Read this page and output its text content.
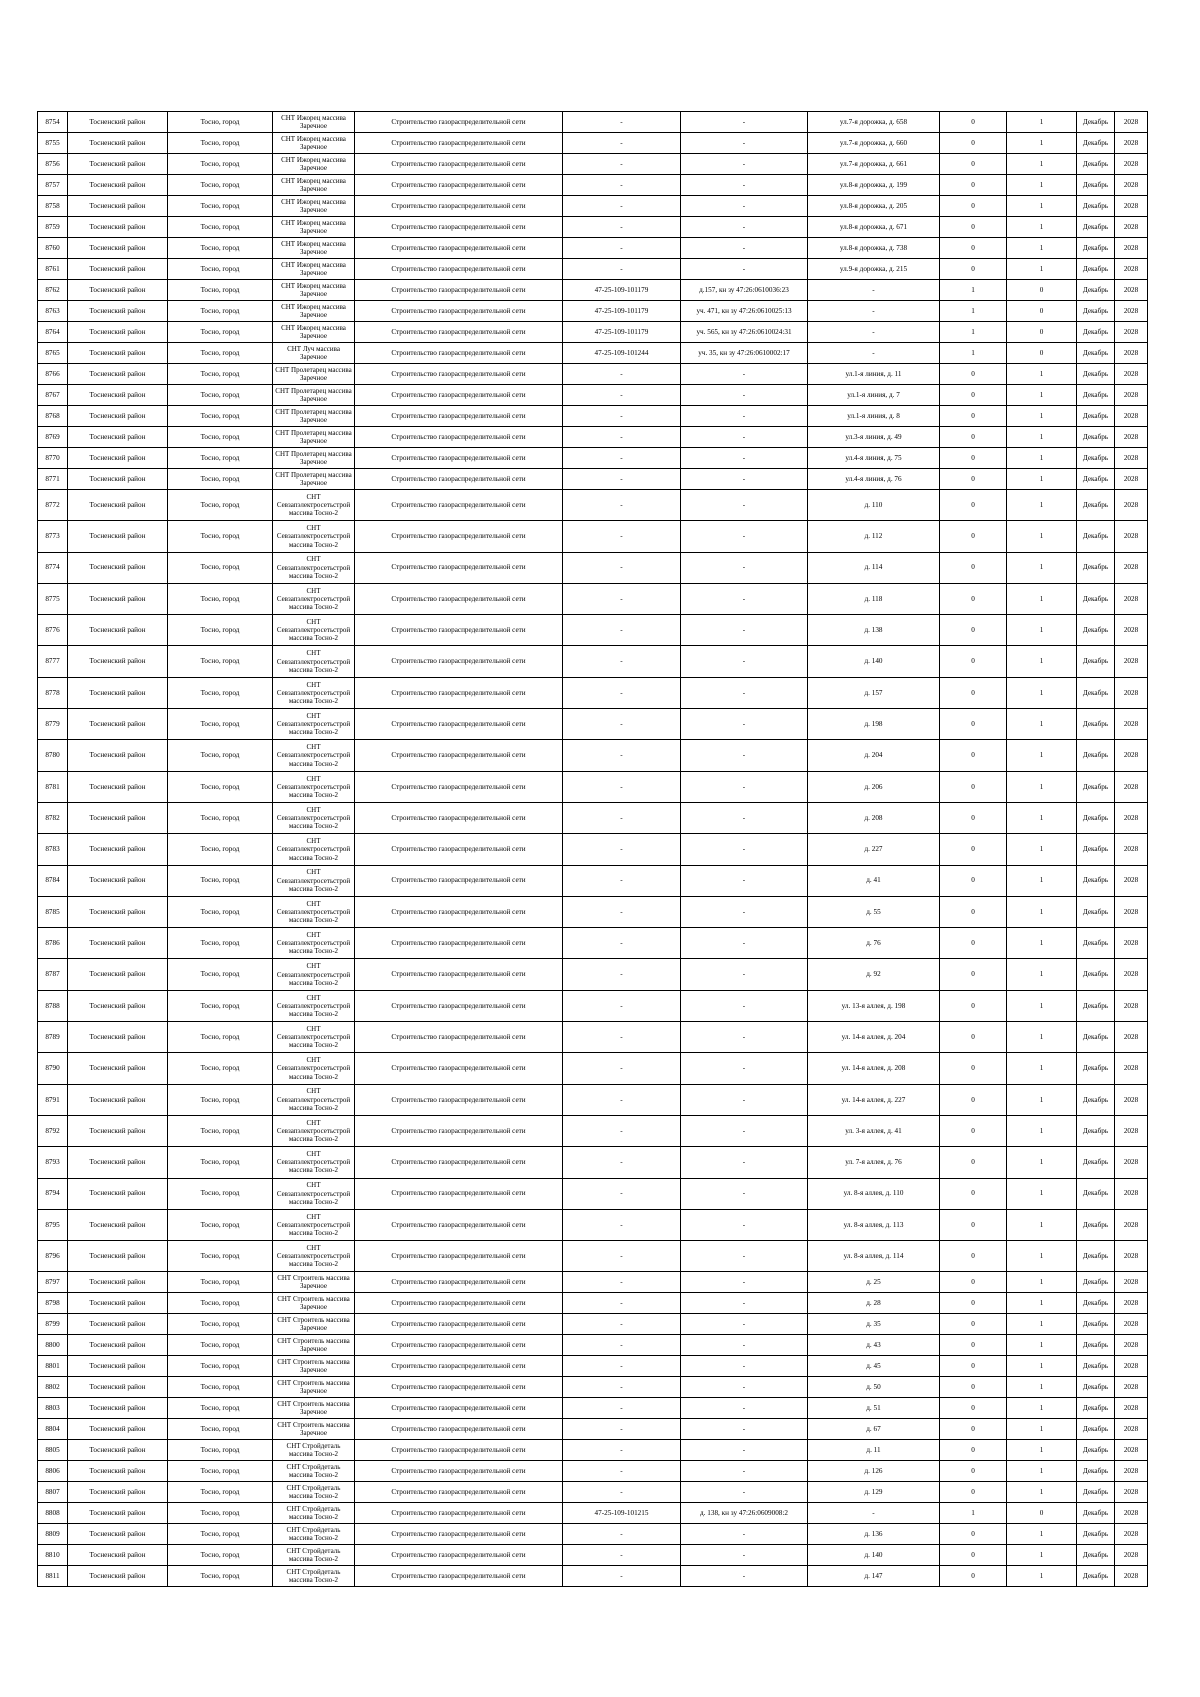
8754	Тосненский район	Тосно, город	СНТ Ижорец массива Заречное	Строительство газораспределительной сети	-	-	ул.7-я дорожка, д. 658	0	1	Декабрь	2028
8755	Тосненский район	Тосно, город	СНТ Ижорец массива Заречное	Строительство газораспределительной сети	-	-	ул.7-я дорожка, д. 660	0	1	Декабрь	2028
8756	Тосненский район	Тосно, город	СНТ Ижорец массива Заречное	Строительство газораспределительной сети	-	-	ул.7-я дорожка, д. 661	0	1	Декабрь	2028
8757	Тосненский район	Тосно, город	СНТ Ижорец массива Заречное	Строительство газораспределительной сети	-	-	ул.8-я дорожка, д. 199	0	1	Декабрь	2028
8758	Тосненский район	Тосно, город	СНТ Ижорец массива Заречное	Строительство газораспределительной сети	-	-	ул.8-я дорожка, д. 205	0	1	Декабрь	2028
8759	Тосненский район	Тосно, город	СНТ Ижорец массива Заречное	Строительство газораспределительной сети	-	-	ул.8-я дорожка, д. 671	0	1	Декабрь	2028
8760	Тосненский район	Тосно, город	СНТ Ижорец массива Заречное	Строительство газораспределительной сети	-	-	ул.8-я дорожка, д. 738	0	1	Декабрь	2028
8761	Тосненский район	Тосно, город	СНТ Ижорец массива Заречное	Строительство газораспределительной сети	-	-	ул.9-я дорожка, д. 215	0	1	Декабрь	2028
8762	Тосненский район	Тосно, город	СНТ Ижорец массива Заречное	Строительство газораспределительной сети	47-25-109-101179	д.157, кн зу 47:26:0610036:23	-	1	0	Декабрь	2028
8763	Тосненский район	Тосно, город	СНТ Ижорец массива Заречное	Строительство газораспределительной сети	47-25-109-101179	уч. 471, кн зу 47:26:0610025:13	-	1	0	Декабрь	2028
8764	Тосненский район	Тосно, город	СНТ Ижорец массива Заречное	Строительство газораспределительной сети	47-25-109-101179	уч. 565, кн зу 47:26:0610024:31	-	1	0	Декабрь	2028
8765	Тосненский район	Тосно, город	СНТ Луч массива Заречное	Строительство газораспределительной сети	47-25-109-101244	уч. 35, кн зу 47:26:0610002:17	-	1	0	Декабрь	2028
8766	Тосненский район	Тосно, город	СНТ Пролетарец массива Заречное	Строительство газораспределительной сети	-	-	ул.1-я линия, д. 11	0	1	Декабрь	2028
8767	Тосненский район	Тосно, город	СНТ Пролетарец массива Заречное	Строительство газораспределительной сети	-	-	ул.1-я линия, д. 7	0	1	Декабрь	2028
8768	Тосненский район	Тосно, город	СНТ Пролетарец массива Заречное	Строительство газораспределительной сети	-	-	ул.1-я линия, д. 8	0	1	Декабрь	2028
8769	Тосненский район	Тосно, город	СНТ Пролетарец массива Заречное	Строительство газораспределительной сети	-	-	ул.3-я линия, д. 49	0	1	Декабрь	2028
8770	Тосненский район	Тосно, город	СНТ Пролетарец массива Заречное	Строительство газораспределительной сети	-	-	ул.4-я линия, д. 75	0	1	Декабрь	2028
8771	Тосненский район	Тосно, город	СНТ Пролетарец массива Заречное	Строительство газораспределительной сети	-	-	ул.4-я линия, д. 76	0	1	Декабрь	2028
8772	Тосненский район	Тосно, город	СНТ Севзапэлектросетьстрой массива Тосно-2	Строительство газораспределительной сети	-	-	д. 110	0	1	Декабрь	2028
8773	Тосненский район	Тосно, город	СНТ Севзапэлектросетьстрой массива Тосно-2	Строительство газораспределительной сети	-	-	д. 112	0	1	Декабрь	2028
8774	Тосненский район	Тосно, город	СНТ Севзапэлектросетьстрой массива Тосно-2	Строительство газораспределительной сети	-	-	д. 114	0	1	Декабрь	2028
8775	Тосненский район	Тосно, город	СНТ Севзапэлектросетьстрой массива Тосно-2	Строительство газораспределительной сети	-	-	д. 118	0	1	Декабрь	2028
8776	Тосненский район	Тосно, город	СНТ Севзапэлектросетьстрой массива Тосно-2	Строительство газораспределительной сети	-	-	д. 138	0	1	Декабрь	2028
8777	Тосненский район	Тосно, город	СНТ Севзапэлектросетьстрой массива Тосно-2	Строительство газораспределительной сети	-	-	д. 140	0	1	Декабрь	2028
8778	Тосненский район	Тосно, город	СНТ Севзапэлектросетьстрой массива Тосно-2	Строительство газораспределительной сети	-	-	д. 157	0	1	Декабрь	2028
8779	Тосненский район	Тосно, город	СНТ Севзапэлектросетьстрой массива Тосно-2	Строительство газораспределительной сети	-	-	д. 198	0	1	Декабрь	2028
8780	Тосненский район	Тосно, город	СНТ Севзапэлектросетьстрой массива Тосно-2	Строительство газораспределительной сети	-	-	д. 204	0	1	Декабрь	2028
8781	Тосненский район	Тосно, город	СНТ Севзапэлектросетьстрой массива Тосно-2	Строительство газораспределительной сети	-	-	д. 206	0	1	Декабрь	2028
8782	Тосненский район	Тосно, город	СНТ Севзапэлектросетьстрой массива Тосно-2	Строительство газораспределительной сети	-	-	д. 208	0	1	Декабрь	2028
8783	Тосненский район	Тосно, город	СНТ Севзапэлектросетьстрой массива Тосно-2	Строительство газораспределительной сети	-	-	д. 227	0	1	Декабрь	2028
8784	Тосненский район	Тосно, город	СНТ Севзапэлектросетьстрой массива Тосно-2	Строительство газораспределительной сети	-	-	д. 41	0	1	Декабрь	2028
8785	Тосненский район	Тосно, город	СНТ Севзапэлектросетьстрой массива Тосно-2	Строительство газораспределительной сети	-	-	д. 55	0	1	Декабрь	2028
8786	Тосненский район	Тосно, город	СНТ Севзапэлектросетьстрой массива Тосно-2	Строительство газораспределительной сети	-	-	д. 76	0	1	Декабрь	2028
8787	Тосненский район	Тосно, город	СНТ Севзапэлектросетьстрой массива Тосно-2	Строительство газораспределительной сети	-	-	д. 92	0	1	Декабрь	2028
8788	Тосненский район	Тосно, город	СНТ Севзапэлектросетьстрой массива Тосно-2	Строительство газораспределительной сети	-	-	ул. 13-я аллея, д. 198	0	1	Декабрь	2028
8789	Тосненский район	Тосно, город	СНТ Севзапэлектросетьстрой массива Тосно-2	Строительство газораспределительной сети	-	-	ул. 14-я аллея, д. 204	0	1	Декабрь	2028
8790	Тосненский район	Тосно, город	СНТ Севзапэлектросетьстрой массива Тосно-2	Строительство газораспределительной сети	-	-	ул. 14-я аллея, д. 208	0	1	Декабрь	2028
8791	Тосненский район	Тосно, город	СНТ Севзапэлектросетьстрой массива Тосно-2	Строительство газораспределительной сети	-	-	ул. 14-я аллея, д. 227	0	1	Декабрь	2028
8792	Тосненский район	Тосно, город	СНТ Севзапэлектросетьстрой массива Тосно-2	Строительство газораспределительной сети	-	-	ул. 3-я аллея, д. 41	0	1	Декабрь	2028
8793	Тосненский район	Тосно, город	СНТ Севзапэлектросетьстрой массива Тосно-2	Строительство газораспределительной сети	-	-	ул. 7-я аллея, д. 76	0	1	Декабрь	2028
8794	Тосненский район	Тосно, город	СНТ Севзапэлектросетьстрой массива Тосно-2	Строительство газораспределительной сети	-	-	ул. 8-я аллея, д. 110	0	1	Декабрь	2028
8795	Тосненский район	Тосно, город	СНТ Севзапэлектросетьстрой массива Тосно-2	Строительство газораспределительной сети	-	-	ул. 8-я аллея, д. 113	0	1	Декабрь	2028
8796	Тосненский район	Тосно, город	СНТ Севзапэлектросетьстрой массива Тосно-2	Строительство газораспределительной сети	-	-	ул. 8-я аллея, д. 114	0	1	Декабрь	2028
8797	Тосненский район	Тосно, город	СНТ Строитель массива Заречное	Строительство газораспределительной сети	-	-	д. 25	0	1	Декабрь	2028
8798	Тосненский район	Тосно, город	СНТ Строитель массива Заречное	Строительство газораспределительной сети	-	-	д. 28	0	1	Декабрь	2028
8799	Тосненский район	Тосно, город	СНТ Строитель массива Заречное	Строительство газораспределительной сети	-	-	д. 35	0	1	Декабрь	2028
8800	Тосненский район	Тосно, город	СНТ Строитель массива Заречное	Строительство газораспределительной сети	-	-	д. 43	0	1	Декабрь	2028
8801	Тосненский район	Тосно, город	СНТ Строитель массива Заречное	Строительство газораспределительной сети	-	-	д. 45	0	1	Декабрь	2028
8802	Тосненский район	Тосно, город	СНТ Строитель массива Заречное	Строительство газораспределительной сети	-	-	д. 50	0	1	Декабрь	2028
8803	Тосненский район	Тосно, город	СНТ Строитель массива Заречное	Строительство газораспределительной сети	-	-	д. 51	0	1	Декабрь	2028
8804	Тосненский район	Тосно, город	СНТ Строитель массива Заречное	Строительство газораспределительной сети	-	-	д. 67	0	1	Декабрь	2028
8805	Тосненский район	Тосно, город	СНТ Стройдеталь массива Тосно-2	Строительство газораспределительной сети	-	-	д. 11	0	1	Декабрь	2028
8806	Тосненский район	Тосно, город	СНТ Стройдеталь массива Тосно-2	Строительство газораспределительной сети	-	-	д. 126	0	1	Декабрь	2028
8807	Тосненский район	Тосно, город	СНТ Стройдеталь массива Тосно-2	Строительство газораспределительной сети	-	-	д. 129	0	1	Декабрь	2028
8808	Тосненский район	Тосно, город	СНТ Стройдеталь массива Тосно-2	Строительство газораспределительной сети	47-25-109-101215	д. 138, кн зу 47:26:0609008:2	-	1	0	Декабрь	2028
8809	Тосненский район	Тосно, город	СНТ Стройдеталь массива Тосно-2	Строительство газораспределительной сети	-	-	д. 136	0	1	Декабрь	2028
8810	Тосненский район	Тосно, город	СНТ Стройдеталь массива Тосно-2	Строительство газораспределительной сети	-	-	д. 140	0	1	Декабрь	2028
8811	Тосненский район	Тосно, город	СНТ Стройдеталь массива Тосно-2	Строительство газораспределительной сети	-	-	д. 147	0	1	Декабрь	2028
